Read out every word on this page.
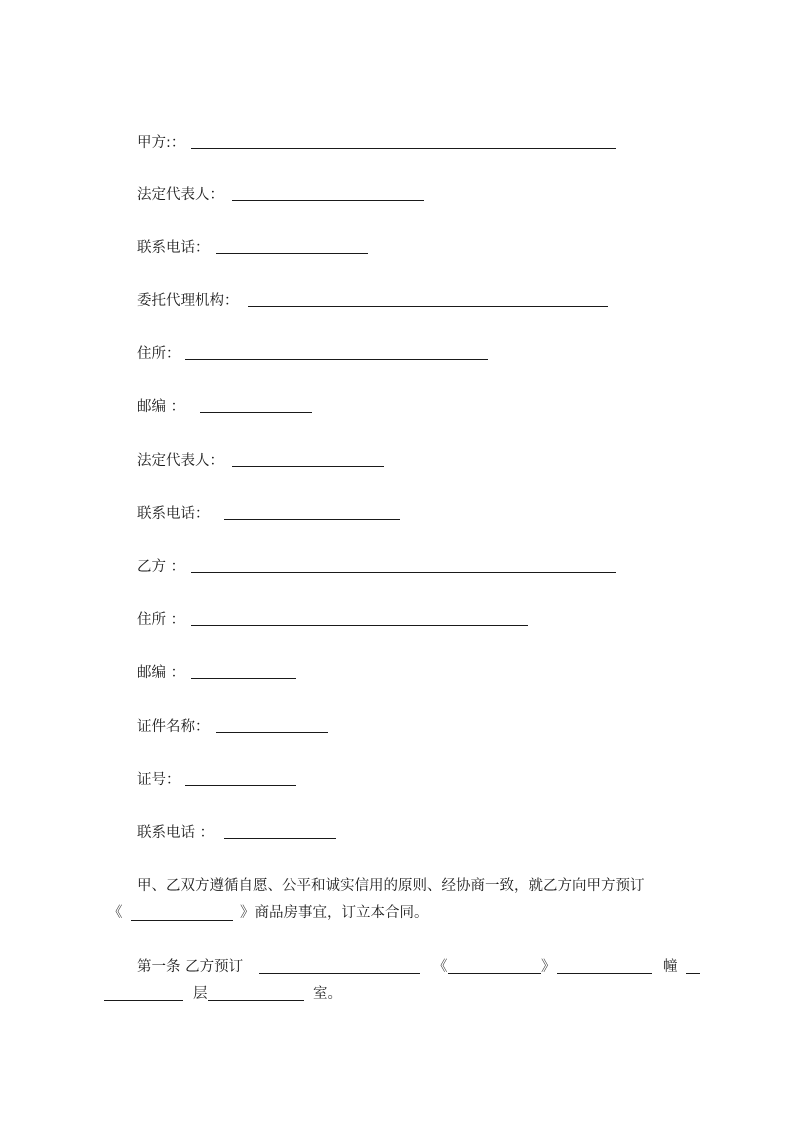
甲方:：
法定代表人：
联系电话：
委托代理机构：
住所：
邮编 ：
法定代表人：
联系电话：
乙方 ：
住所 ：
邮编 ：
证件名称：
证号：
联系电话 ：
甲、乙双方遵循自愿、公平和诚实信用的原则、经协商一致，就乙方向甲方预订
《	》商品房事宜，订立本合同。
第一条 乙方预订	《	》	幢
层	室。
